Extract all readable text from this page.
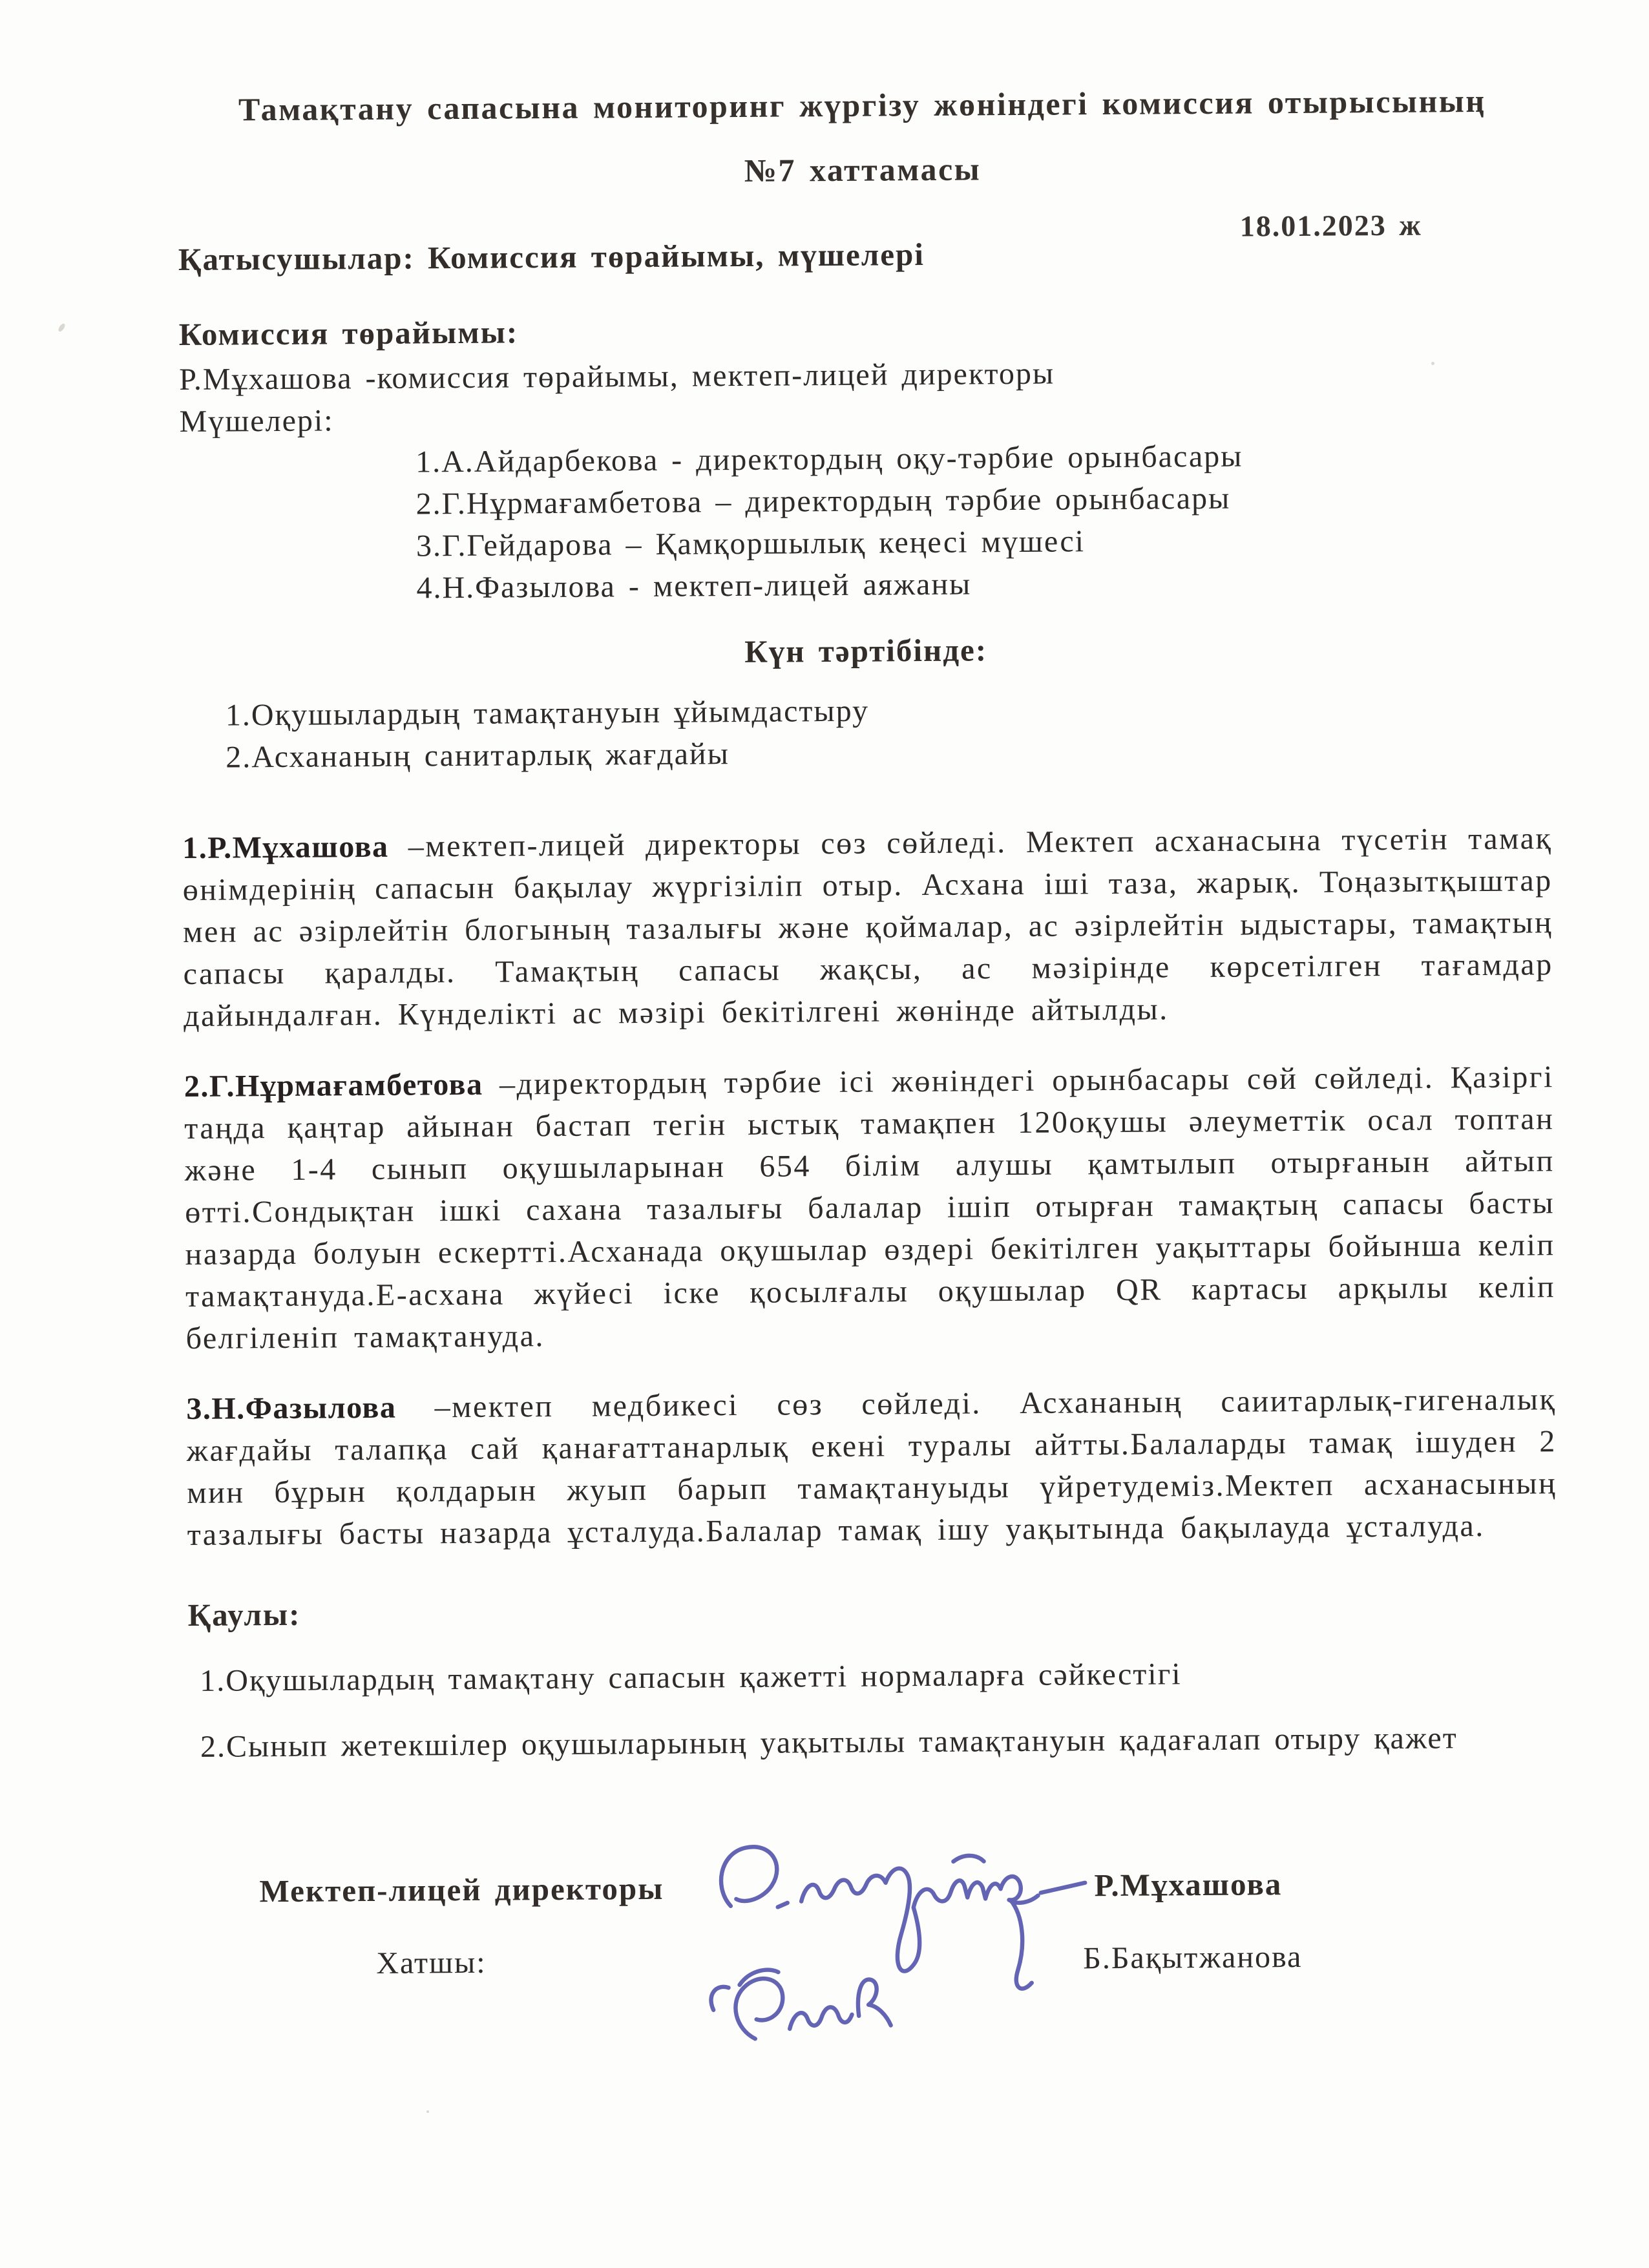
Тамақтану сапасына мониторинг жүргізу жөніндегі комиссия отырысының
№7 хаттамасы
Қатысушылар: Комиссия төрайымы, мүшелері
18.01.2023 ж
Комиссия төрайымы:
Р.Мұхашова -комиссия төрайымы, мектеп-лицей директоры
Мүшелері:
1.А.Айдарбекова - директордың оқу-тәрбие орынбасары
2.Г.Нұрмағамбетова – директордың тәрбие орынбасары
3.Г.Гейдарова – Қамқоршылық кеңесі мүшесі
4.Н.Фазылова - мектеп-лицей аяжаны
Күн тәртібінде:
1.Оқушылардың тамақтануын ұйымдастыру
2.Асхананың санитарлық жағдайы

1.Р.Мұхашова –мектеп-лицей директоры сөз сөйледі. Мектеп асханасына түсетін тамақ өнімдерінің сапасын бақылау жүргізіліп отыр. Асхана іші таза, жарық. Тоңазытқыштар мен ас әзірлейтін блогының тазалығы және қоймалар, ас әзірлейтін ыдыстары, тамақтың сапасы қаралды. Тамақтың сапасы жақсы, ас мәзірінде көрсетілген тағамдар дайындалған. Күнделікті ас мәзірі бекітілгені жөнінде айтылды.

2.Г.Нұрмағамбетова –директордың тәрбие ісі жөніндегі орынбасары сөй сөйледі. Қазіргі таңда қаңтар айынан бастап тегін ыстық тамақпен 120оқушы әлеуметтік осал топтан және 1-4 сынып оқушыларынан 654 білім алушы қамтылып отырғанын айтып өтті.Сондықтан ішкі сахана тазалығы балалар ішіп отырған тамақтың сапасы басты назарда болуын ескертті.Асханада оқушылар өздері бекітілген уақыттары бойынша келіп тамақтануда.Е-асхана жүйесі іске қосылғалы оқушылар QR картасы арқылы келіп белгіленіп тамақтануда.

3.Н.Фазылова –мектеп медбикесі сөз сөйледі. Асхананың саиитарлық-гигеналық жағдайы талапқа сай қанағаттанарлық екені туралы айтты.Балаларды тамақ ішуден 2 мин бұрын қолдарын жуып барып тамақтануыды үйретудеміз.Мектеп асханасының тазалығы басты назарда ұсталуда.Балалар тамақ ішу уақытында бақылауда ұсталуда.

Қаулы:
1.Оқушылардың тамақтану сапасын қажетті нормаларға сәйкестігі
2.Сынып жетекшілер оқушыларының уақытылы тамақтануын қадағалап отыру қажет
Мектеп-лицей директоры	Р.Мұхашова
Хатшы:	Б.Бақытжанова
